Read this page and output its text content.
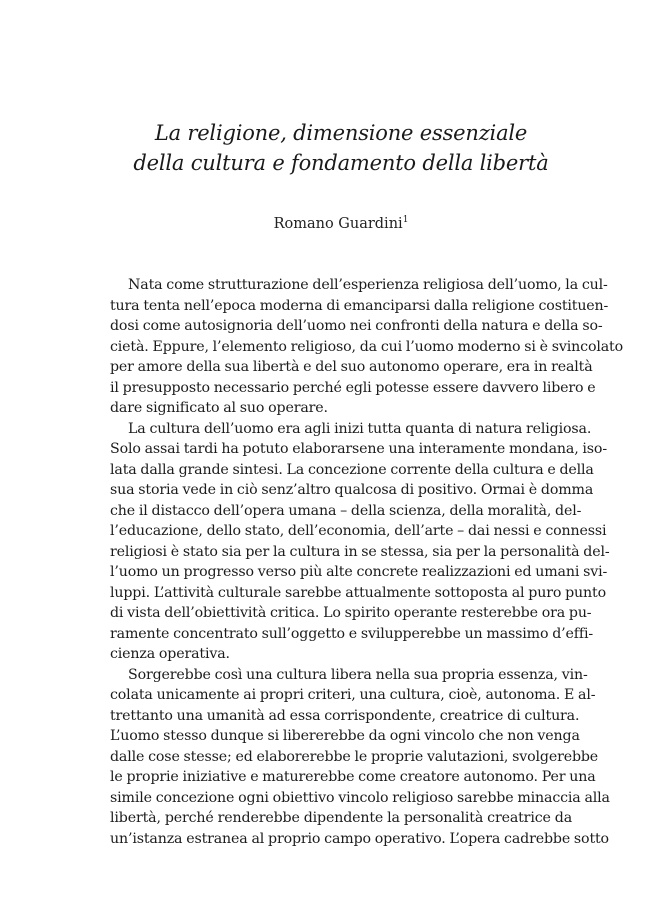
La religione, dimensione essenziale
della cultura e fondamento della libertà
Romano Guardini$^1$

Nata come strutturazione dell’esperienza religiosa dell’uomo, la cul-
tura tenta nell’epoca moderna di emanciparsi dalla religione costituen-
dosi come autosignoria dell’uomo nei confronti della natura e della so-
cietà. Eppure, l’elemento religioso, da cui l’uomo moderno si è svincolato
per amore della sua libertà e del suo autonomo operare, era in realtà
il presupposto necessario perché egli potesse essere davvero libero e
dare significato al suo operare.

La cultura dell’uomo era agli inizi tutta quanta di natura religiosa.
Solo assai tardi ha potuto elaborarsene una interamente mondana, iso-
lata dalla grande sintesi. La concezione corrente della cultura e della
sua storia vede in ciò senz’altro qualcosa di positivo. Ormai è domma
che il distacco dell’opera umana – della scienza, della moralità, del-
l’educazione, dello stato, dell’economia, dell’arte – dai nessi e connessi
religiosi è stato sia per la cultura in se stessa, sia per la personalità del-
l’uomo un progresso verso più alte concrete realizzazioni ed umani svi-
luppi. L’attività culturale sarebbe attualmente sottoposta al puro punto
di vista dell’obiettività critica. Lo spirito operante resterebbe ora pu-
ramente concentrato sull’oggetto e svilupperebbe un massimo d’effi-
cienza operativa.

Sorgerebbe così una cultura libera nella sua propria essenza, vin-
colata unicamente ai propri criteri, una cultura, cioè, autonoma. E al-
trettanto una umanità ad essa corrispondente, creatrice di cultura.
L’uomo stesso dunque si libererebbe da ogni vincolo che non venga
dalle cose stesse; ed elaborerebbe le proprie valutazioni, svolgerebbe
le proprie iniziative e maturerebbe come creatore autonomo. Per una
simile concezione ogni obiettivo vincolo religioso sarebbe minaccia alla
libertà, perché renderebbe dipendente la personalità creatrice da
un’istanza estranea al proprio campo operativo. L’opera cadrebbe sotto
